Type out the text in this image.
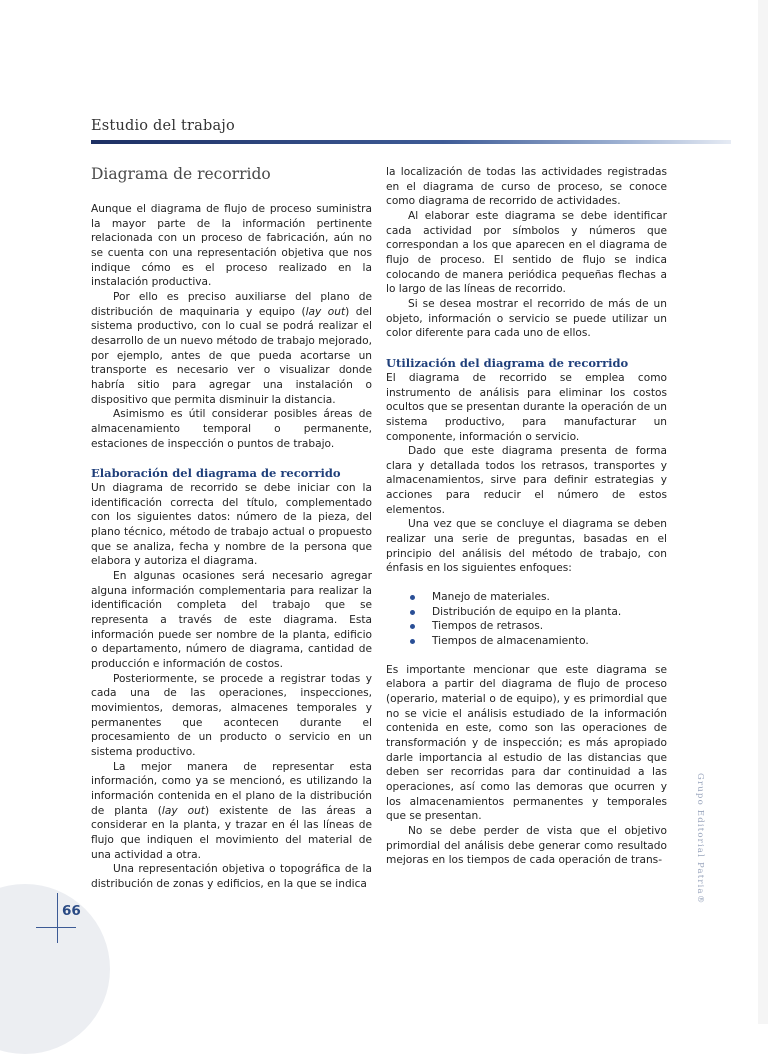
Estudio del trabajo
Diagrama de recorrido

Aunque el diagrama de flujo de proceso suministra la mayor parte de la información pertinente relacionada con un proceso de fabricación, aún no se cuenta con una representación objetiva que nos indique cómo es el proceso realizado en la instalación productiva.

Por ello es preciso auxiliarse del plano de distribución de maquinaria y equipo (lay out) del sistema productivo, con lo cual se podrá realizar el desarrollo de un nuevo método de trabajo mejorado, por ejemplo, antes de que pueda acortarse un transporte es necesario ver o visualizar donde habría sitio para agregar una instalación o dispositivo que permita disminuir la distancia.

Asimismo es útil considerar posibles áreas de almacenamiento temporal o permanente, estaciones de inspección o puntos de trabajo.

Elaboración del diagrama de recorrido

Un diagrama de recorrido se debe iniciar con la identificación correcta del título, complementado con los siguientes datos: número de la pieza, del plano técnico, método de trabajo actual o propuesto que se analiza, fecha y nombre de la persona que elabora y autoriza el diagrama.

En algunas ocasiones será necesario agregar alguna información complementaria para realizar la identificación completa del trabajo que se representa a través de este diagrama. Esta información puede ser nombre de la planta, edificio o departamento, número de diagrama, cantidad de producción e información de costos.

Posteriormente, se procede a registrar todas y cada una de las operaciones, inspecciones, movimientos, demoras, almacenes temporales y permanentes que acontecen durante el procesamiento de un producto o servicio en un sistema productivo.

La mejor manera de representar esta información, como ya se mencionó, es utilizando la información contenida en el plano de la distribución de planta (lay out) existente de las áreas a considerar en la planta, y trazar en él las líneas de flujo que indiquen el movimiento del material de una actividad a otra.

Una representación objetiva o topográfica de la distribución de zonas y edificios, en la que se indica

la localización de todas las actividades registradas en el diagrama de curso de proceso, se conoce como diagrama de recorrido de actividades.

Al elaborar este diagrama se debe identificar cada actividad por símbolos y números que correspondan a los que aparecen en el diagrama de flujo de proceso. El sentido de flujo se indica colocando de manera periódica pequeñas flechas a lo largo de las líneas de recorrido.

Si se desea mostrar el recorrido de más de un objeto, información o servicio se puede utilizar un color diferente para cada uno de ellos.

Utilización del diagrama de recorrido

El diagrama de recorrido se emplea como instrumento de análisis para eliminar los costos ocultos que se presentan durante la operación de un sistema productivo, para manufacturar un componente, información o servicio.

Dado que este diagrama presenta de forma clara y detallada todos los retrasos, transportes y almacenamientos, sirve para definir estrategias y acciones para reducir el número de estos elementos.

Una vez que se concluye el diagrama se deben realizar una serie de preguntas, basadas en el principio del análisis del método de trabajo, con énfasis en los siguientes enfoques:

Manejo de materiales.
Distribución de equipo en la planta.
Tiempos de retrasos.
Tiempos de almacenamiento.

Es importante mencionar que este diagrama se elabora a partir del diagrama de flujo de proceso (operario, material o de equipo), y es primordial que no se vicie el análisis estudiado de la información contenida en este, como son las operaciones de transformación y de inspección; es más apropiado darle importancia al estudio de las distancias que deben ser recorridas para dar continuidad a las operaciones, así como las demoras que ocurren y los almacenamientos permanentes y temporales que se presentan.

No se debe perder de vista que el objetivo primordial del análisis debe generar como resultado mejoras en los tiempos de cada operación de trans-	Grupo Editorial Patria®
66
